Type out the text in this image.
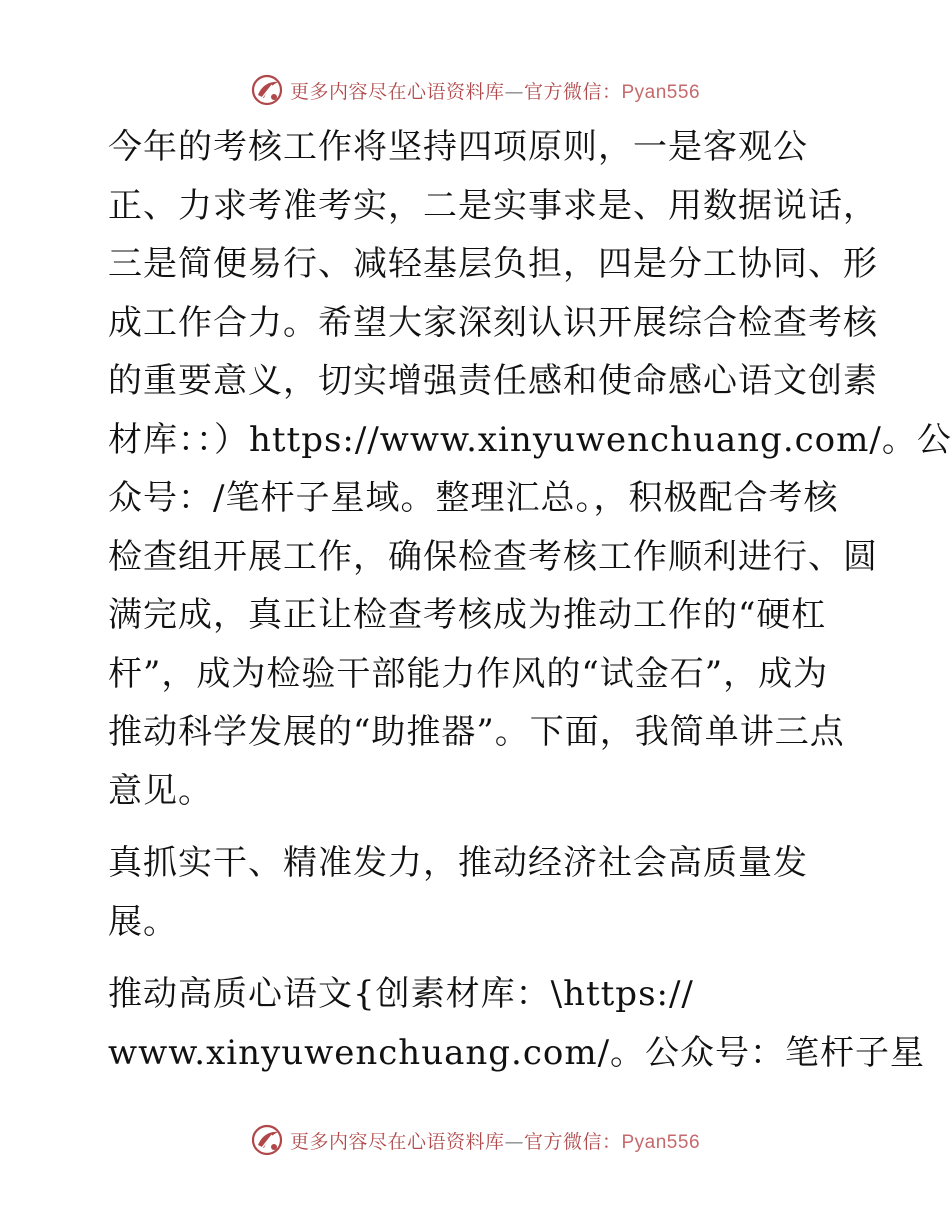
更多内容尽在心语资料库—官方微信：Pyan556
今年的考核工作将坚持四项原则，一是客观公
正、力求考准考实，二是实事求是、用数据说话，
三是简便易行、减轻基层负担，四是分工协同、形
成工作合力。希望大家深刻认识开展综合检查考核
的重要意义，切实增强责任感和使命感心语文创素
材库：：）https://www.xinyuwenchuang.com/。公
众号：/笔杆子星域。整理汇总。，积极配合考核
检查组开展工作，确保检查考核工作顺利进行、圆
满完成，真正让检查考核成为推动工作的“硬杠
杆”，成为检验干部能力作风的“试金石”，成为
推动科学发展的“助推器”。下面，我简单讲三点
意见。
真抓实干、精准发力，推动经济社会高质量发
展。
推动高质心语文{创素材库：\https://
www.xinyuwenchuang.com/。公众号：笔杆子星
更多内容尽在心语资料库—官方微信：Pyan556
